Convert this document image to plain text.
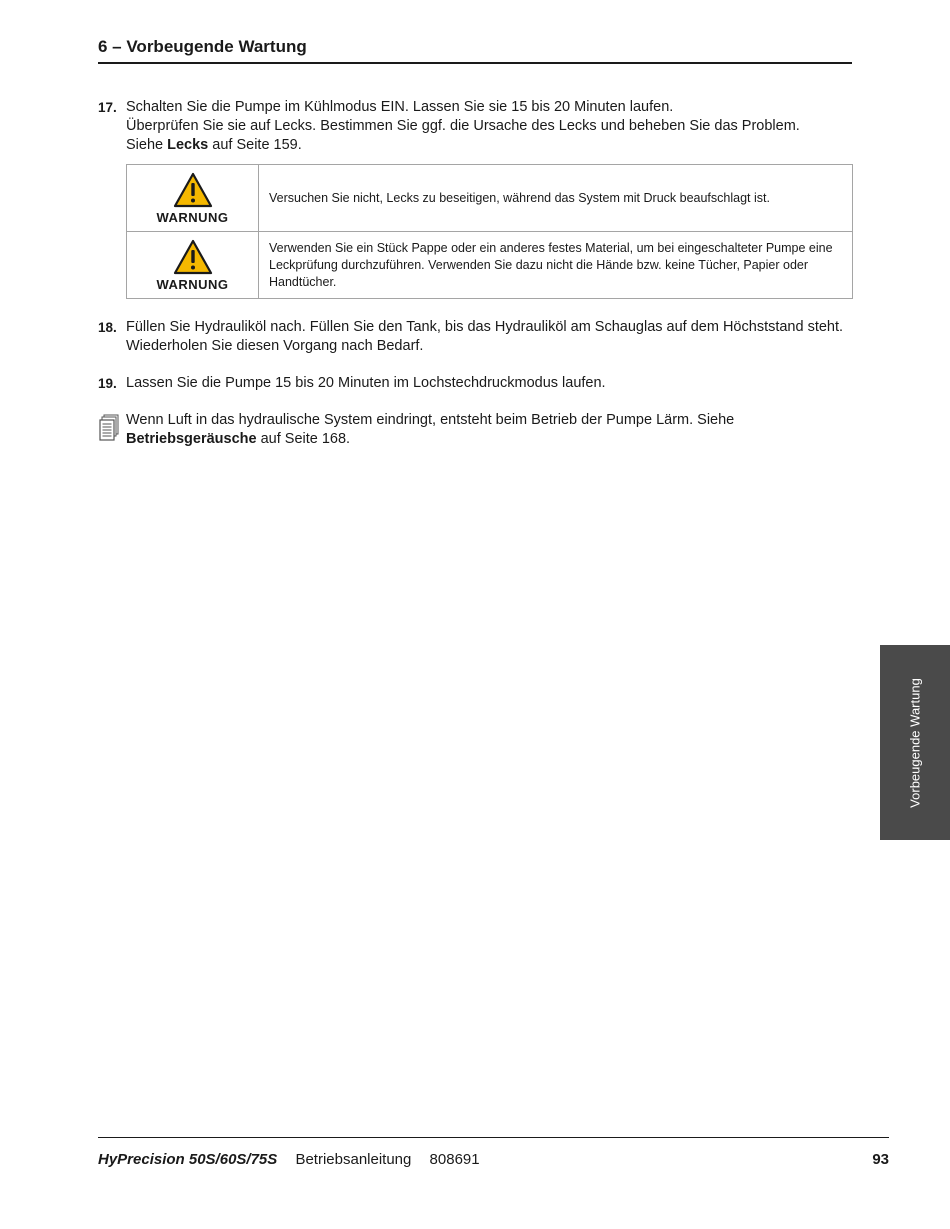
6 – Vorbeugende Wartung
17. Schalten Sie die Pumpe im Kühlmodus EIN. Lassen Sie sie 15 bis 20 Minuten laufen.
Überprüfen Sie sie auf Lecks. Bestimmen Sie ggf. die Ursache des Lecks und beheben Sie das Problem.
Siehe Lecks auf Seite 159.
WARNUNG	Versuchen Sie nicht, Lecks zu beseitigen, während das System mit Druck beaufschlagt ist.

WARNUNG	Verwenden Sie ein Stück Pappe oder ein anderes festes Material, um bei eingeschalteter Pumpe eine Leckprüfung durchzuführen. Verwenden Sie dazu nicht die Hände bzw. keine Tücher, Papier oder Handtücher.
18. Füllen Sie Hydrauliköl nach. Füllen Sie den Tank, bis das Hydrauliköl am Schauglas auf dem Höchststand steht.
Wiederholen Sie diesen Vorgang nach Bedarf.
19. Lassen Sie die Pumpe 15 bis 20 Minuten im Lochstechdruckmodus laufen.
Wenn Luft in das hydraulische System eindringt, entsteht beim Betrieb der Pumpe Lärm. Siehe
Betriebsgeräusche auf Seite 168.
Vorbeugende Wartung
HyPrecision 50S/60S/75S Betriebsanleitung 808691	93
